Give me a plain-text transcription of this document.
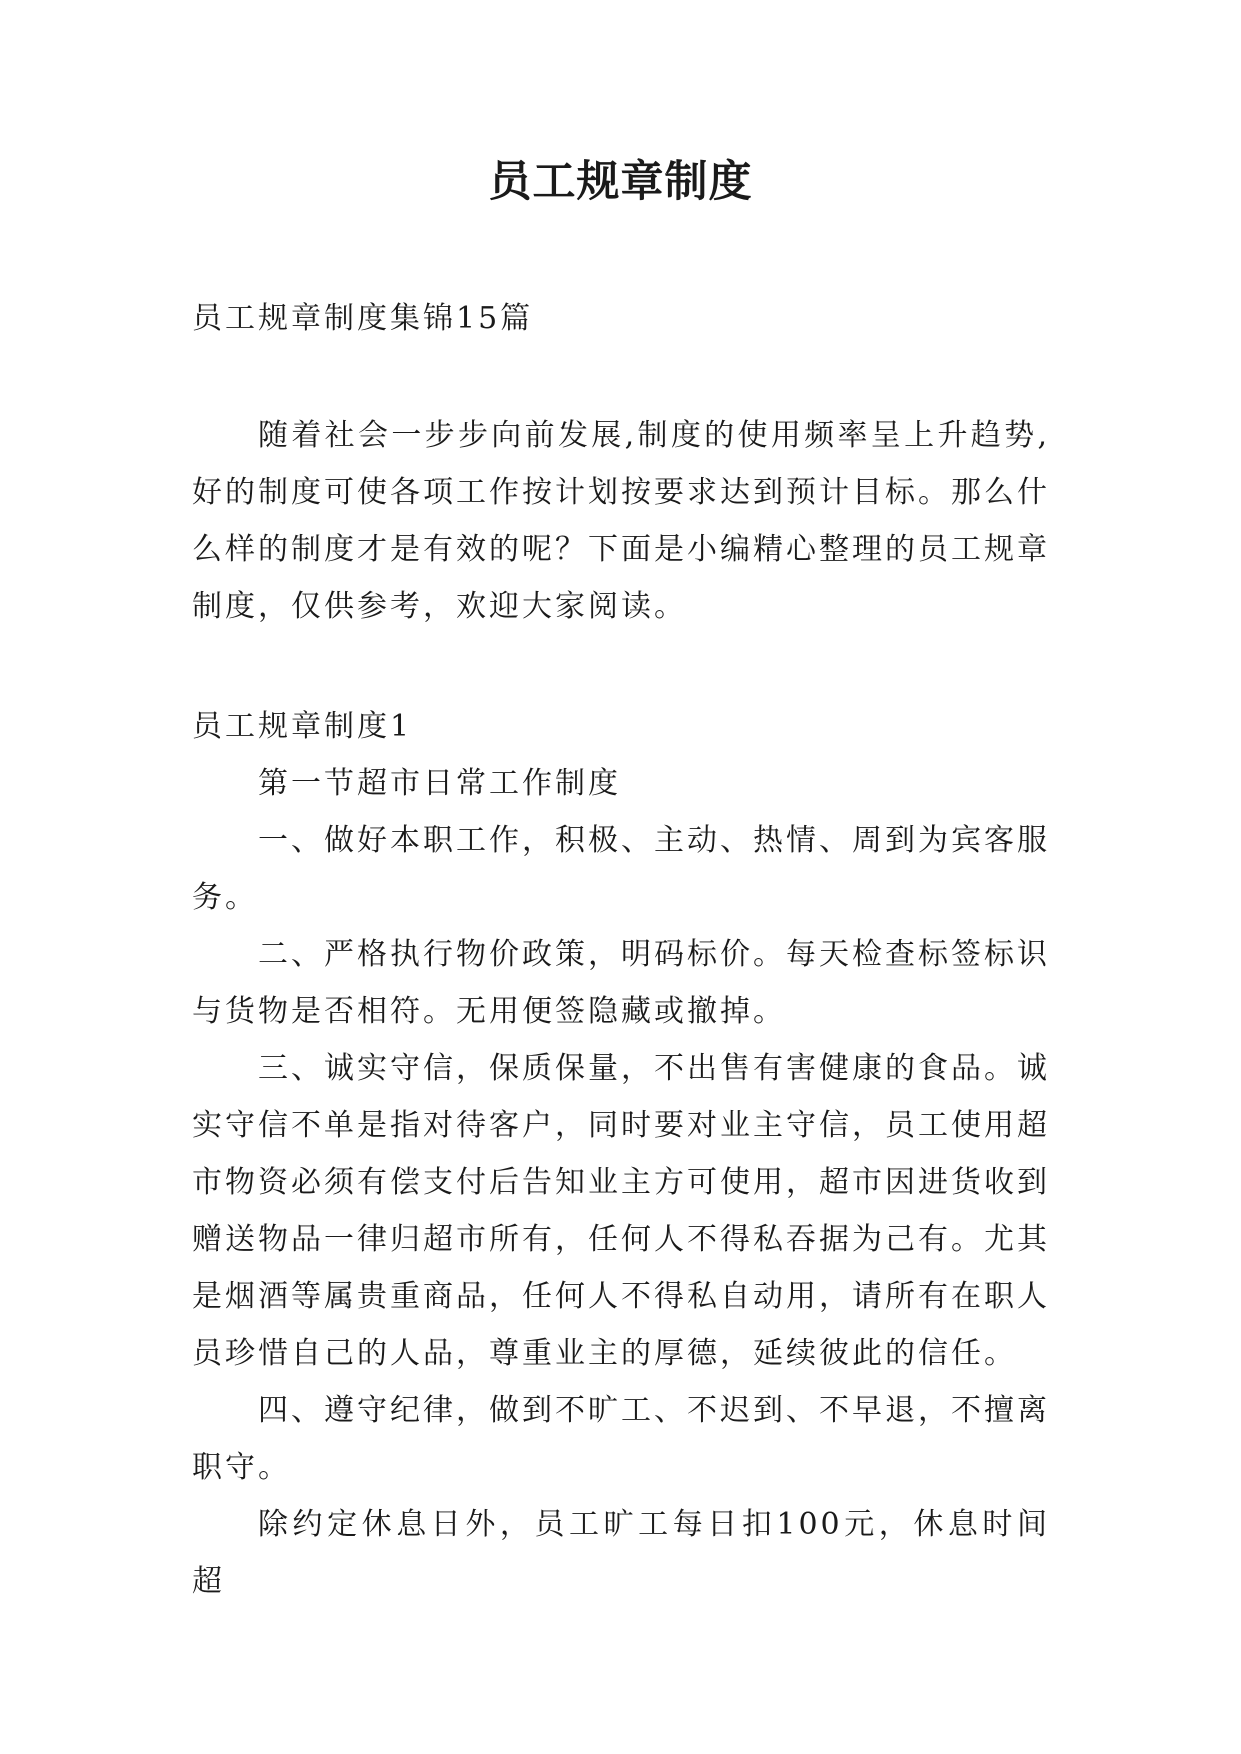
员工规章制度

员工规章制度集锦15篇

随着社会一步步向前发展,制度的使用频率呈上升趋势,好的制度可使各项工作按计划按要求达到预计目标。那么什么样的制度才是有效的呢？下面是小编精心整理的员工规章制度，仅供参考，欢迎大家阅读。

员工规章制度1

第一节超市日常工作制度

一、做好本职工作，积极、主动、热情、周到为宾客服务。

二、严格执行物价政策，明码标价。每天检查标签标识与货物是否相符。无用便签隐藏或撤掉。

三、诚实守信，保质保量，不出售有害健康的食品。诚实守信不单是指对待客户，同时要对业主守信，员工使用超市物资必须有偿支付后告知业主方可使用，超市因进货收到赠送物品一律归超市所有，任何人不得私吞据为己有。尤其是烟酒等属贵重商品，任何人不得私自动用，请所有在职人员珍惜自己的人品，尊重业主的厚德，延续彼此的信任。

四、遵守纪律，做到不旷工、不迟到、不早退，不擅离职守。

除约定休息日外，员工旷工每日扣100元，休息时间超
